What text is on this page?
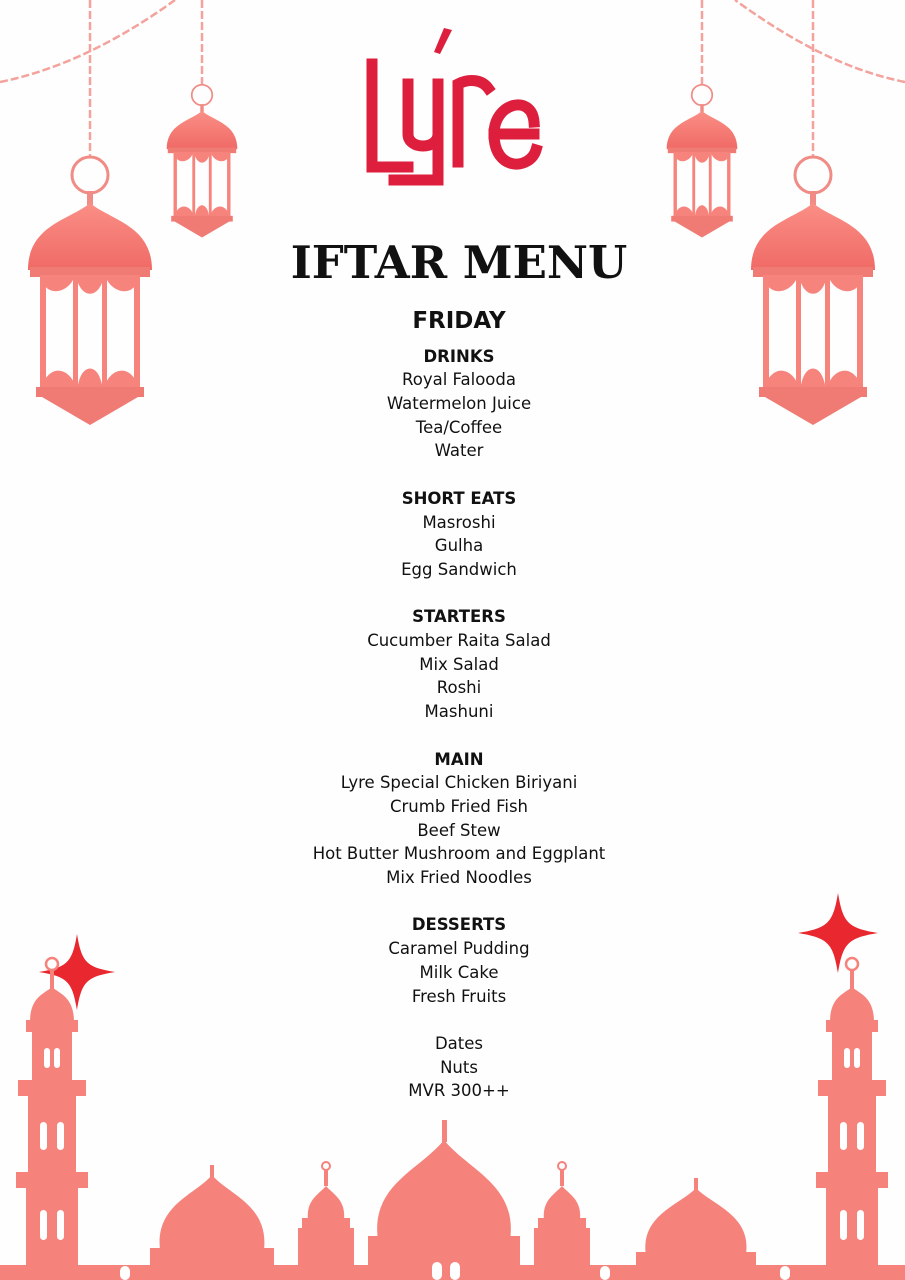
IFTAR MENU
FRIDAY
DRINKS
Royal Falooda
Watermelon Juice
Tea/Coffee
Water
SHORT EATS
Masroshi
Gulha
Egg Sandwich
STARTERS
Cucumber Raita Salad
Mix Salad
Roshi
Mashuni
MAIN
Lyre Special Chicken Biriyani
Crumb Fried Fish
Beef Stew
Hot Butter Mushroom and Eggplant
Mix Fried Noodles
DESSERTS
Caramel Pudding
Milk Cake
Fresh Fruits
Dates
Nuts
MVR 300++
